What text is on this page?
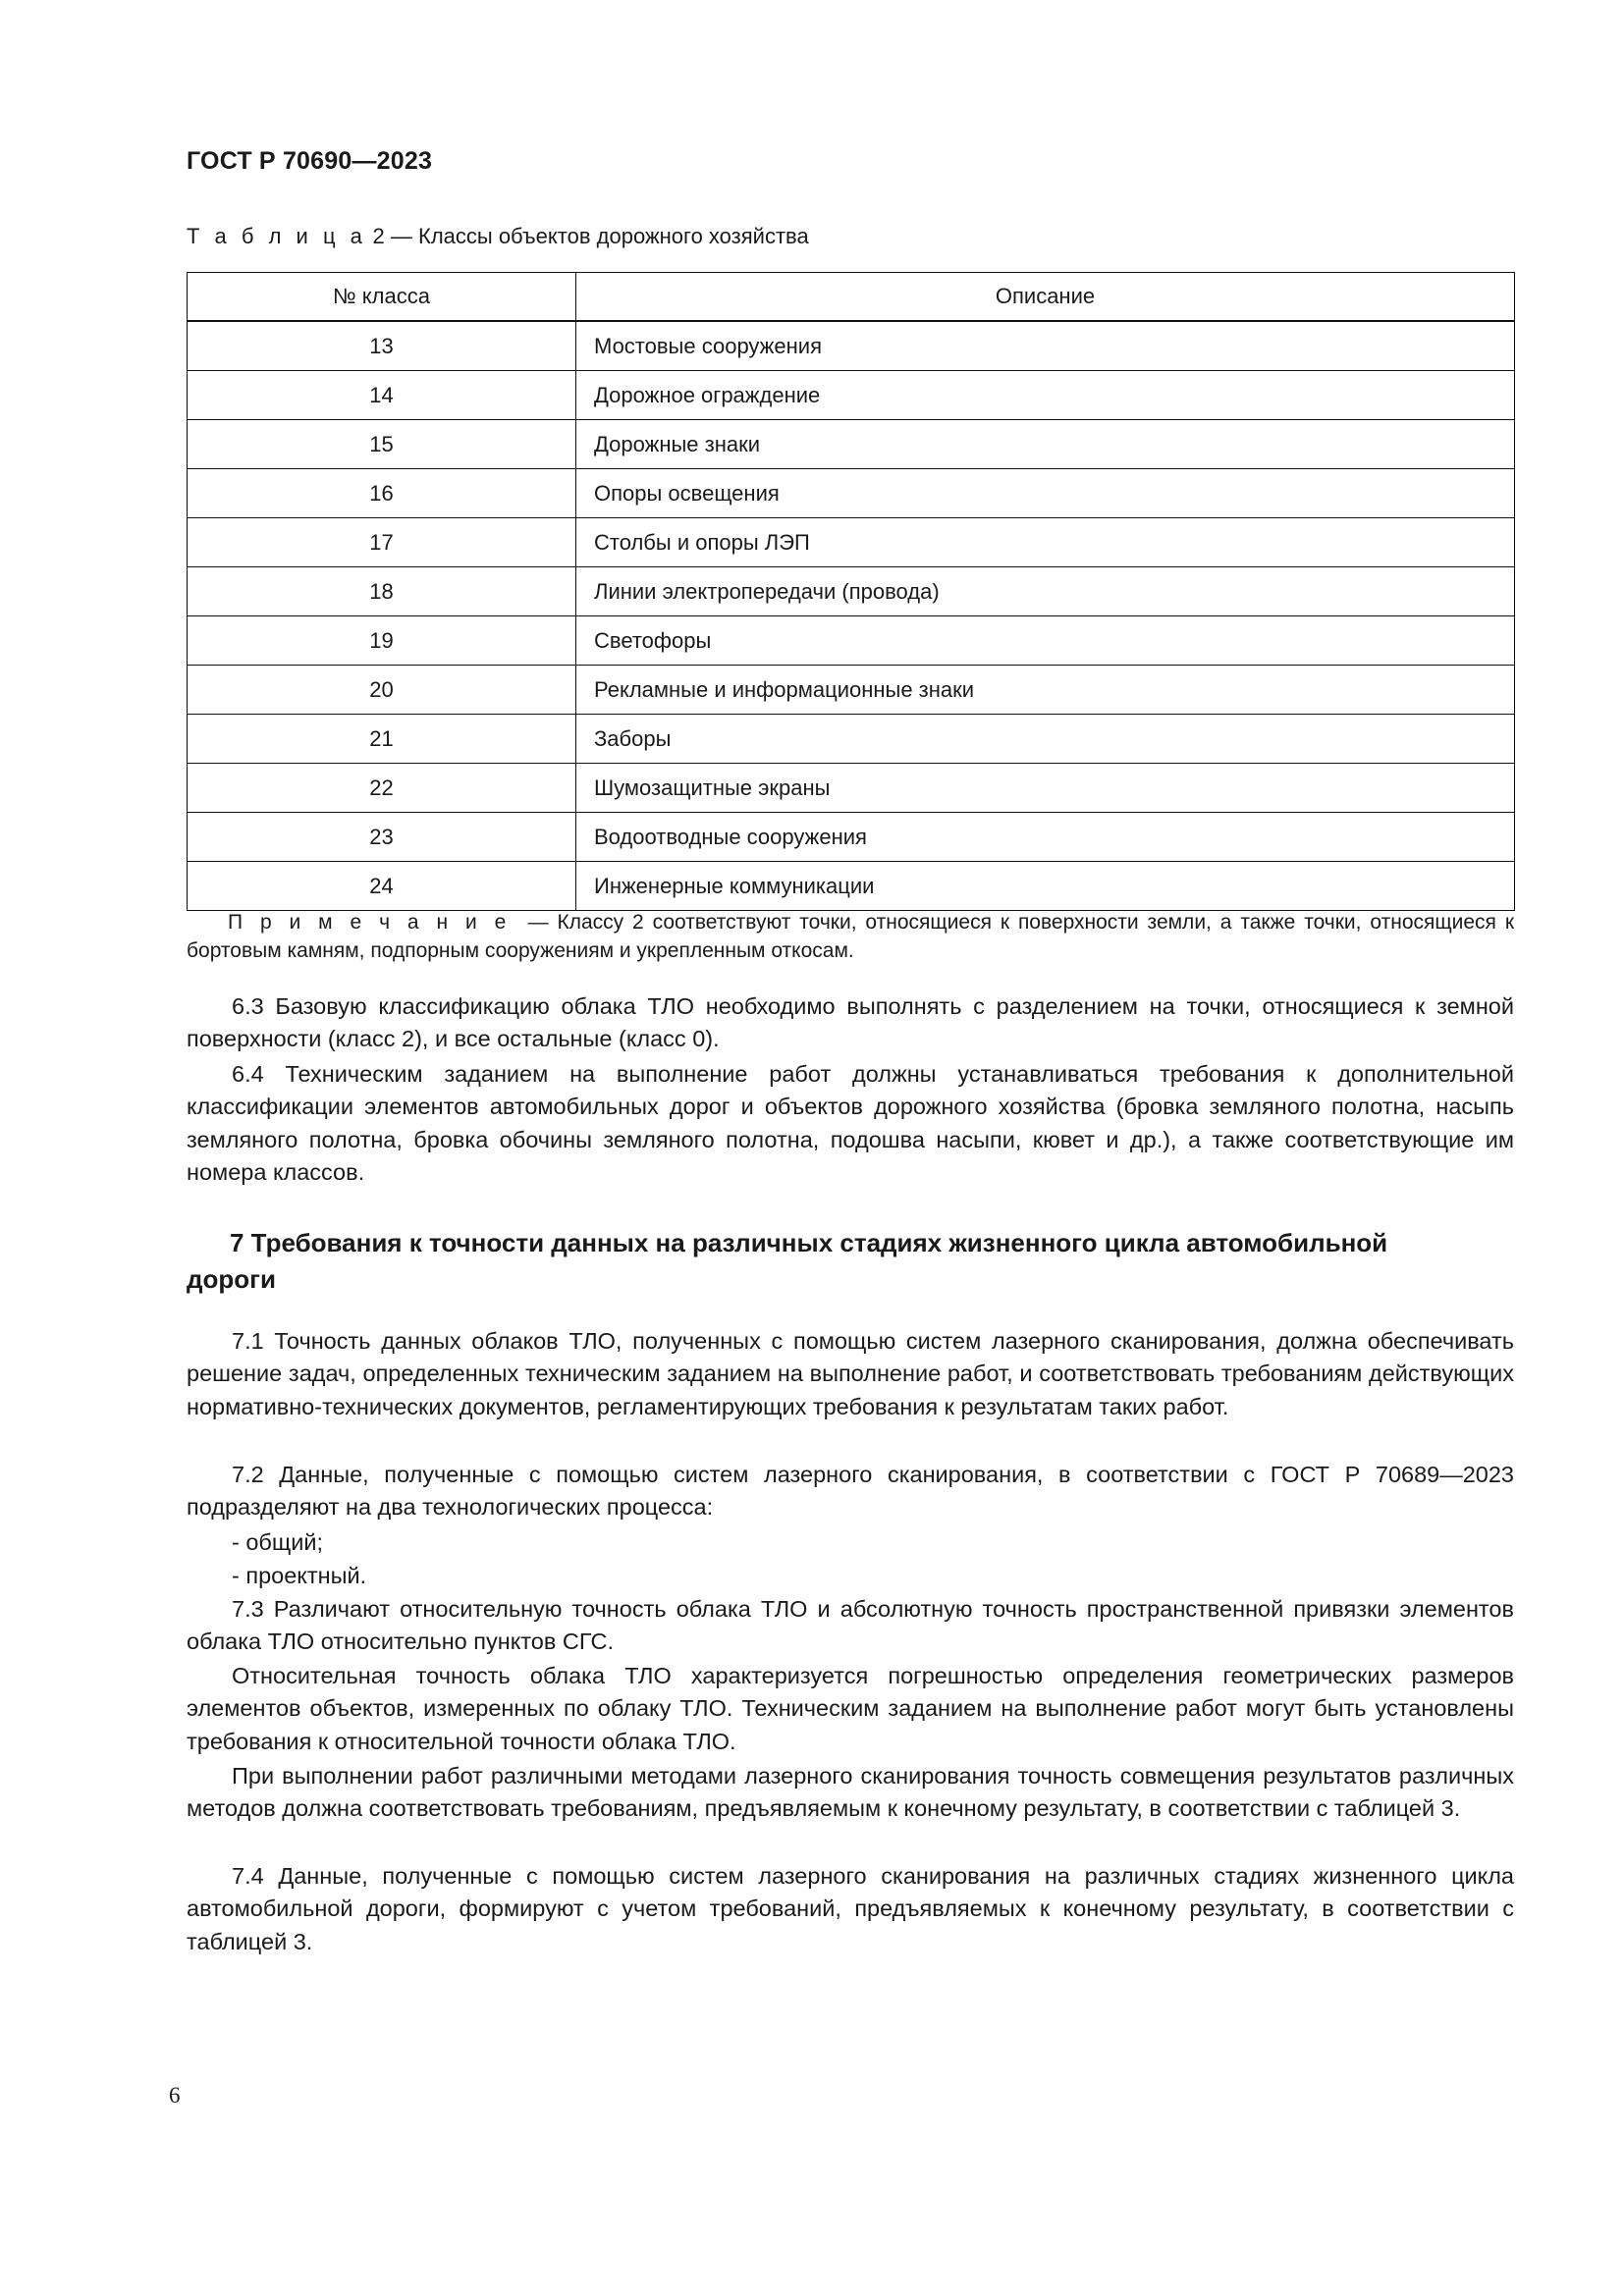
ГОСТ Р 70690—2023
Т а б л и ц а 2 — Классы объектов дорожного хозяйства
№ класса	Описание
13	Мостовые сооружения
14	Дорожное ограждение
15	Дорожные знаки
16	Опоры освещения
17	Столбы и опоры ЛЭП
18	Линии электропередачи (провода)
19	Светофоры
20	Рекламные и информационные знаки
21	Заборы
22	Шумозащитные экраны
23	Водоотводные сооружения
24	Инженерные коммуникации
П р и м е ч а н и е — Классу 2 соответствуют точки, относящиеся к поверхности земли, а также точки, относящиеся к бортовым камням, подпорным сооружениям и укрепленным откосам.
6.3 Базовую классификацию облака ТЛО необходимо выполнять с разделением на точки, относящиеся к земной поверхности (класс 2), и все остальные (класс 0).
6.4 Техническим заданием на выполнение работ должны устанавливаться требования к дополнительной классификации элементов автомобильных дорог и объектов дорожного хозяйства (бровка земляного полотна, насыпь земляного полотна, бровка обочины земляного полотна, подошва насыпи, кювет и др.), а также соответствующие им номера классов.
7 Требования к точности данных на различных стадиях жизненного цикла автомобильной дороги
7.1 Точность данных облаков ТЛО, полученных с помощью систем лазерного сканирования, должна обеспечивать решение задач, определенных техническим заданием на выполнение работ, и соответствовать требованиям действующих нормативно-технических документов, регламентирующих требования к результатам таких работ.
7.2 Данные, полученные с помощью систем лазерного сканирования, в соответствии с ГОСТ Р 70689—2023 подразделяют на два технологических процесса:
- общий;
- проектный.
7.3 Различают относительную точность облака ТЛО и абсолютную точность пространственной привязки элементов облака ТЛО относительно пунктов СГС.
Относительная точность облака ТЛО характеризуется погрешностью определения геометрических размеров элементов объектов, измеренных по облаку ТЛО. Техническим заданием на выполнение работ могут быть установлены требования к относительной точности облака ТЛО.
При выполнении работ различными методами лазерного сканирования точность совмещения результатов различных методов должна соответствовать требованиям, предъявляемым к конечному результату, в соответствии с таблицей 3.
7.4 Данные, полученные с помощью систем лазерного сканирования на различных стадиях жизненного цикла автомобильной дороги, формируют с учетом требований, предъявляемых к конечному результату, в соответствии с таблицей 3.
6
